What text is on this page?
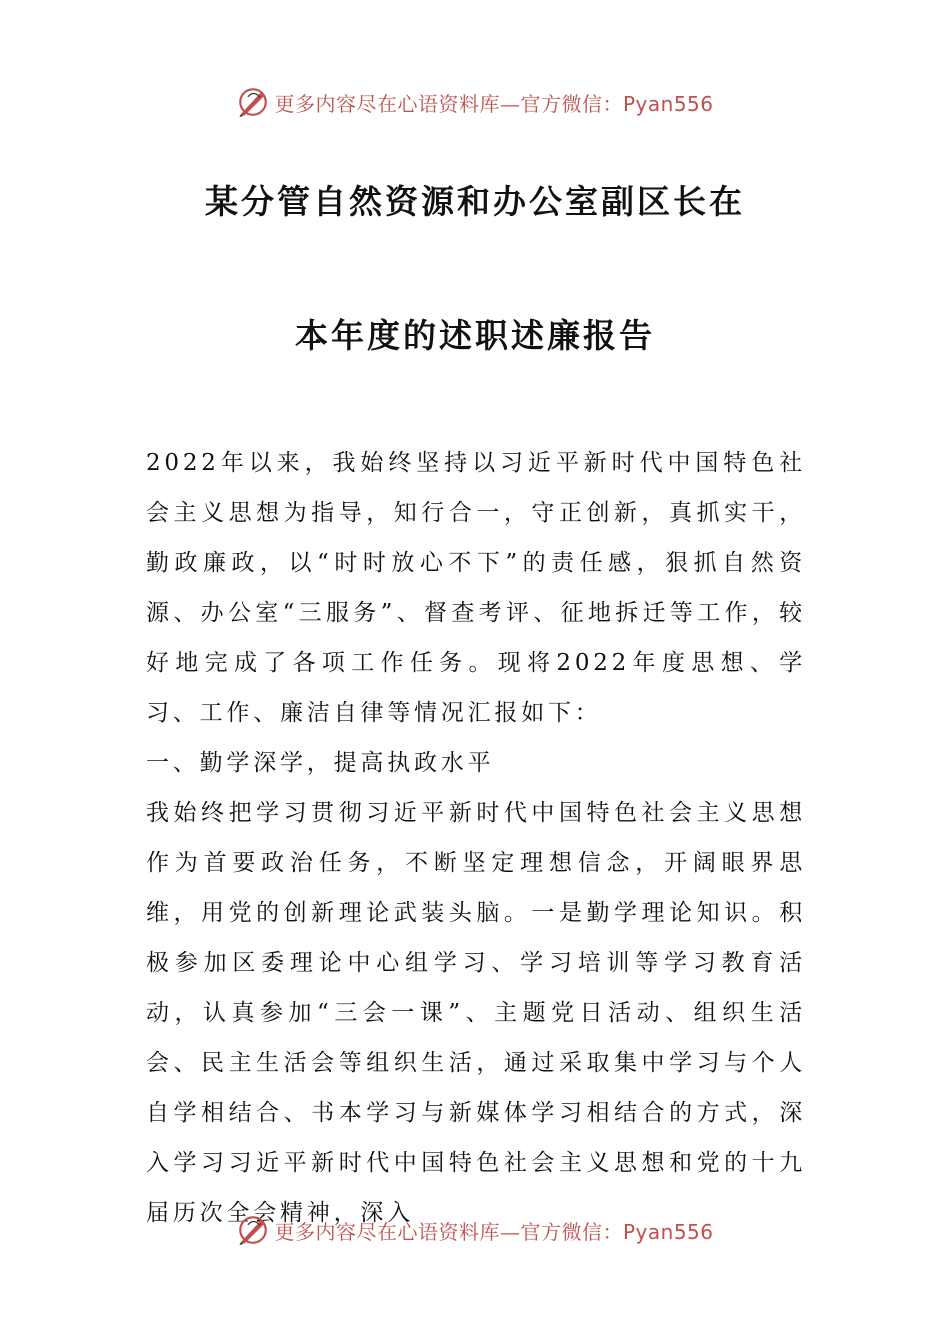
更多内容尽在心语资料库—官方微信：Pyan556
某分管自然资源和办公室副区长在
本年度的述职述廉报告

2022年以来，我始终坚持以习近平新时代中国特色社会主义思想为指导，知行合一，守正创新，真抓实干，勤政廉政，以“时时放心不下”的责任感，狠抓自然资源、办公室“三服务”、督查考评、征地拆迁等工作，较好地完成了各项工作任务。现将2022年度思想、学习、工作、廉洁自律等情况汇报如下：

一、勤学深学，提高执政水平

我始终把学习贯彻习近平新时代中国特色社会主义思想作为首要政治任务，不断坚定理想信念，开阔眼界思维，用党的创新理论武装头脑。一是勤学理论知识。积极参加区委理论中心组学习、学习培训等学习教育活动，认真参加“三会一课”、主题党日活动、组织生活会、民主生活会等组织生活，通过采取集中学习与个人自学相结合、书本学习与新媒体学习相结合的方式，深入学习习近平新时代中国特色社会主义思想和党的十九届历次全会精神，深入

更多内容尽在心语资料库—官方微信：Pyan556
